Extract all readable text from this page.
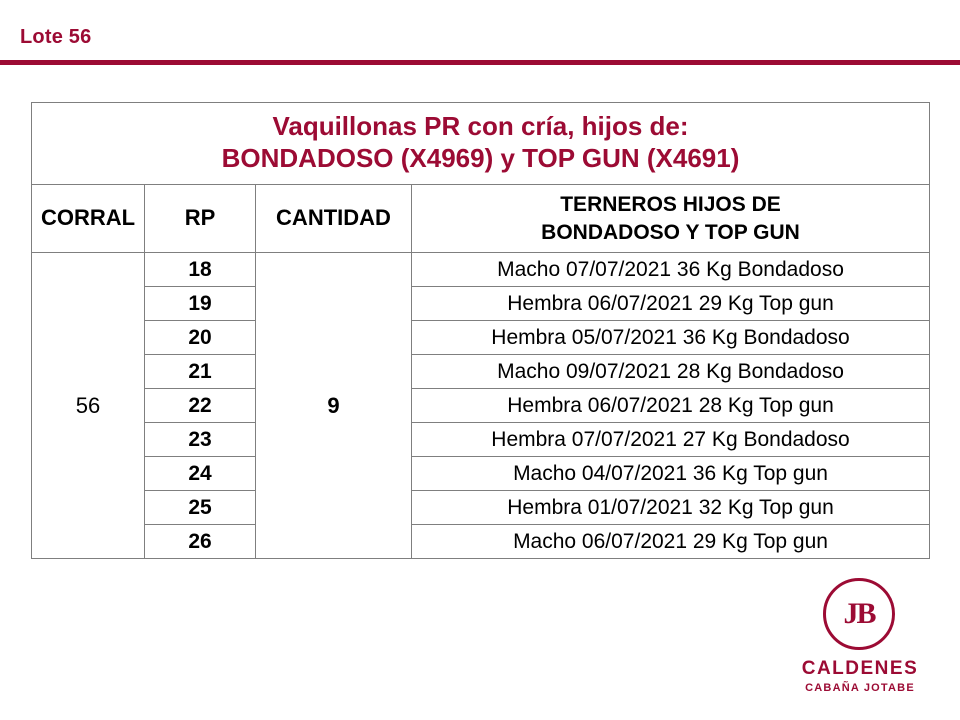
Lote 56
Vaquillonas PR con cría, hijos de:
BONDADOSO (X4969) y TOP GUN (X4691)			

CORRAL	RP	CANTIDAD	TERNEROS HIJOS DE
BONDADOSO Y TOP GUN

56	18	9	Macho 07/07/2021 36 Kg Bondadoso
	19		Hembra 06/07/2021 29 Kg Top gun
	20		Hembra 05/07/2021 36 Kg Bondadoso
	21		Macho 09/07/2021 28 Kg Bondadoso
	22		Hembra 06/07/2021 28 Kg Top gun
	23		Hembra 07/07/2021 27 Kg Bondadoso
	24		Macho 04/07/2021 36 Kg Top gun
	25		Hembra 01/07/2021 32 Kg Top gun
	26		Macho 06/07/2021 29 Kg Top gun
JB
CALDENES
CABAÑA JOTABE
